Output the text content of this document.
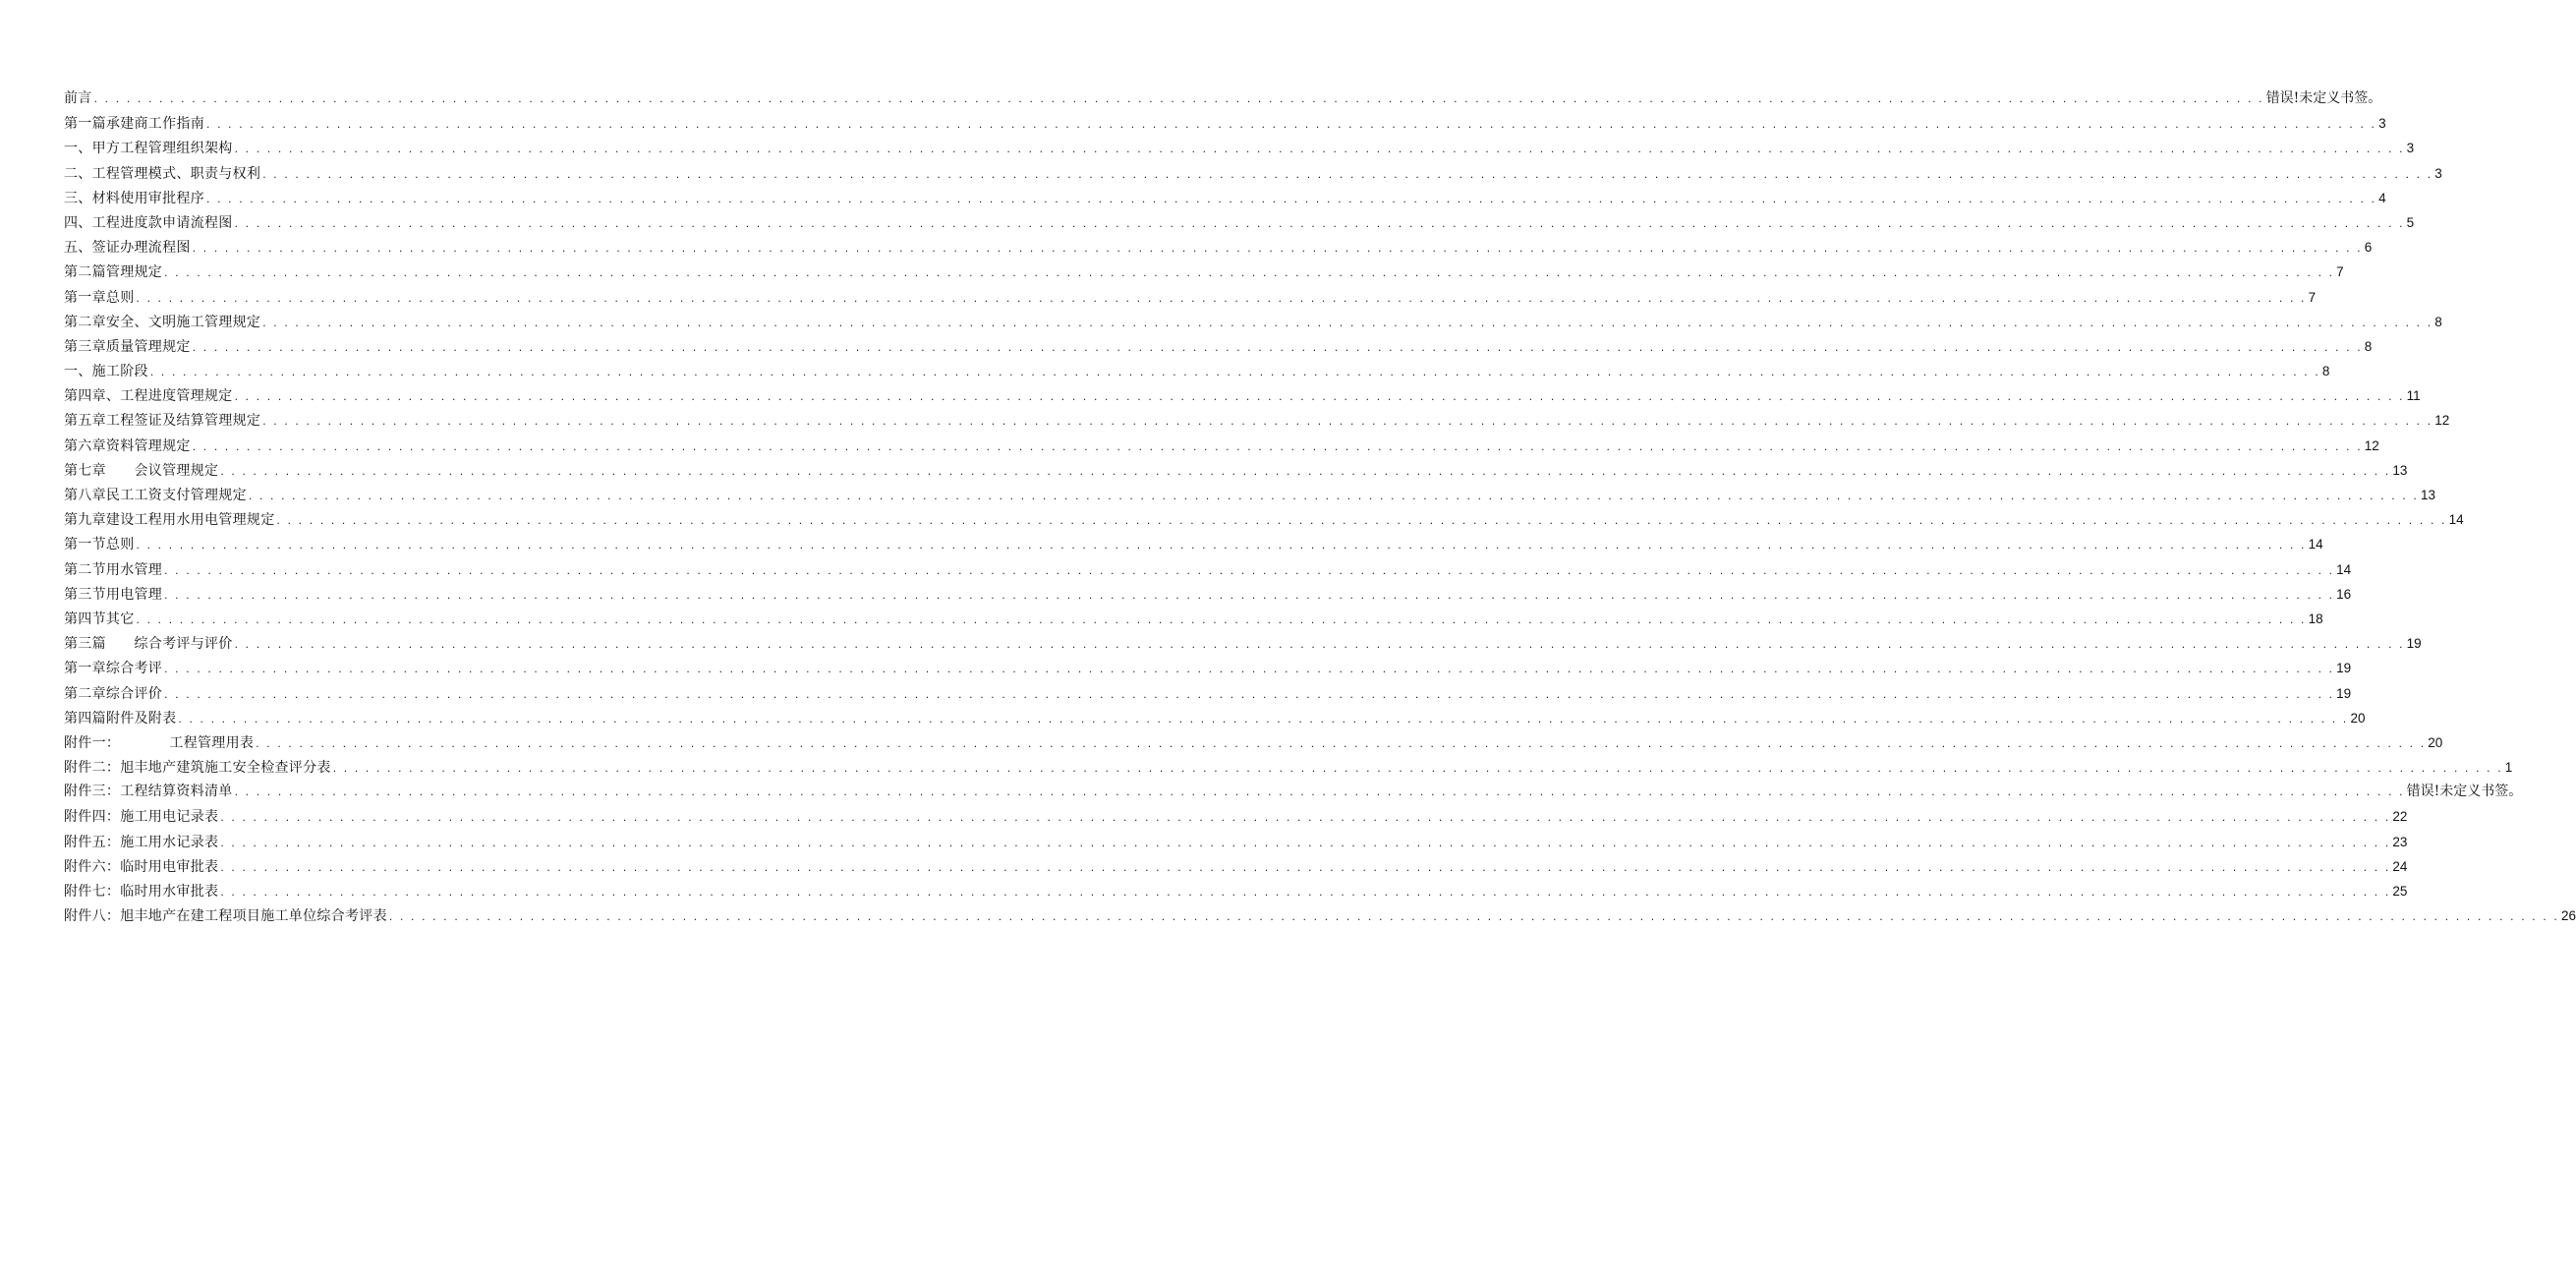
前言 . . . . . . . . . . . . . . . . . . . . . . . . . . . . . . . . . . . . . . . . . . . . . . . . . . . . . . . . . . . . . . . . . . . . . . . . . . . . . . . . . . . . . . . . . . . . . . . . . . . . . . . . . . . . . . . . . . . . . . . . . . . . . . . . . . . . . . . . . . . . . . . . . . . . . . . . . . . . . . . . . . . . . . . . . . . . . . . . . . . . . . . . . . . . . . . . . . . . . . . . 错误!未定义书签。
第一篇承建商工作指南 . . . . . . . . . . . . . . . . . . . . . . . . . . . . . . . . . . . . . . . . . . . . . . . . . . . . . . . . . . . . . . . . . . . . . . . . . . . . . . . . . . . . . . . . . . . . . . . . . . . . . . . . . . . . . . . . . . . . . . . . . . . . . . . . . . . . . . . . . . . . . . . . . . . . . . . . . . . . . . . . . . . . . . . . . . . . . . . . . . . . . . . . . . . . . . . . . . . . . . . . 3
一、甲方工程管理组织架构 . . . . . . . . . . . . . . . . . . . . . . . . . . . . . . . . . . . . . . . . . . . . . . . . . . . . . . . . . . . . . . . . . . . . . . . . . . . . . . . . . . . . . . . . . . . . . . . . . . . . . . . . . . . . . . . . . . . . . . . . . . . . . . . . . . . . . . . . . . . . . . . . . . . . . . . . . . . . . . . . . . . . . . . . . . . . . . . . . . . . . . . . . . . . . . . . . . . . . . . . 3
二、工程管理模式、职责与权利 . . . . . . . . . . . . . . . . . . . . . . . . . . . . . . . . . . . . . . . . . . . . . . . . . . . . . . . . . . . . . . . . . . . . . . . . . . . . . . . . . . . . . . . . . . . . . . . . . . . . . . . . . . . . . . . . . . . . . . . . . . . . . . . . . . . . . . . . . . . . . . . . . . . . . . . . . . . . . . . . . . . . . . . . . . . . . . . . . . . . . . . . . . . . . . . . . . . . . . . . 3
三、材料使用审批程序 . . . . . . . . . . . . . . . . . . . . . . . . . . . . . . . . . . . . . . . . . . . . . . . . . . . . . . . . . . . . . . . . . . . . . . . . . . . . . . . . . . . . . . . . . . . . . . . . . . . . . . . . . . . . . . . . . . . . . . . . . . . . . . . . . . . . . . . . . . . . . . . . . . . . . . . . . . . . . . . . . . . . . . . . . . . . . . . . . . . . . . . . . . . . . . . . . . . . . . . . 4
四、工程进度款申请流程图 . . . . . . . . . . . . . . . . . . . . . . . . . . . . . . . . . . . . . . . . . . . . . . . . . . . . . . . . . . . . . . . . . . . . . . . . . . . . . . . . . . . . . . . . . . . . . . . . . . . . . . . . . . . . . . . . . . . . . . . . . . . . . . . . . . . . . . . . . . . . . . . . . . . . . . . . . . . . . . . . . . . . . . . . . . . . . . . . . . . . . . . . . . . . . . . . . . . . . . . . 5
五、签证办理流程图 . . . . . . . . . . . . . . . . . . . . . . . . . . . . . . . . . . . . . . . . . . . . . . . . . . . . . . . . . . . . . . . . . . . . . . . . . . . . . . . . . . . . . . . . . . . . . . . . . . . . . . . . . . . . . . . . . . . . . . . . . . . . . . . . . . . . . . . . . . . . . . . . . . . . . . . . . . . . . . . . . . . . . . . . . . . . . . . . . . . . . . . . . . . . . . . . . . . . . . . . 6
第二篇管理规定 . . . . . . . . . . . . . . . . . . . . . . . . . . . . . . . . . . . . . . . . . . . . . . . . . . . . . . . . . . . . . . . . . . . . . . . . . . . . . . . . . . . . . . . . . . . . . . . . . . . . . . . . . . . . . . . . . . . . . . . . . . . . . . . . . . . . . . . . . . . . . . . . . . . . . . . . . . . . . . . . . . . . . . . . . . . . . . . . . . . . . . . . . . . . . . . . . . . . . . . . 7
第一章总则 . . . . . . . . . . . . . . . . . . . . . . . . . . . . . . . . . . . . . . . . . . . . . . . . . . . . . . . . . . . . . . . . . . . . . . . . . . . . . . . . . . . . . . . . . . . . . . . . . . . . . . . . . . . . . . . . . . . . . . . . . . . . . . . . . . . . . . . . . . . . . . . . . . . . . . . . . . . . . . . . . . . . . . . . . . . . . . . . . . . . . . . . . . . . . . . . . . . . . . . . 7
第二章安全、文明施工管理规定 . . . . . . . . . . . . . . . . . . . . . . . . . . . . . . . . . . . . . . . . . . . . . . . . . . . . . . . . . . . . . . . . . . . . . . . . . . . . . . . . . . . . . . . . . . . . . . . . . . . . . . . . . . . . . . . . . . . . . . . . . . . . . . . . . . . . . . . . . . . . . . . . . . . . . . . . . . . . . . . . . . . . . . . . . . . . . . . . . . . . . . . . . . . . . . . . . . . . . . . . 8
第三章质量管理规定 . . . . . . . . . . . . . . . . . . . . . . . . . . . . . . . . . . . . . . . . . . . . . . . . . . . . . . . . . . . . . . . . . . . . . . . . . . . . . . . . . . . . . . . . . . . . . . . . . . . . . . . . . . . . . . . . . . . . . . . . . . . . . . . . . . . . . . . . . . . . . . . . . . . . . . . . . . . . . . . . . . . . . . . . . . . . . . . . . . . . . . . . . . . . . . . . . . . . . . . . 8
一、施工阶段 . . . . . . . . . . . . . . . . . . . . . . . . . . . . . . . . . . . . . . . . . . . . . . . . . . . . . . . . . . . . . . . . . . . . . . . . . . . . . . . . . . . . . . . . . . . . . . . . . . . . . . . . . . . . . . . . . . . . . . . . . . . . . . . . . . . . . . . . . . . . . . . . . . . . . . . . . . . . . . . . . . . . . . . . . . . . . . . . . . . . . . . . . . . . . . . . . . . . . . . . 8
第四章、工程进度管理规定 . . . . . . . . . . . . . . . . . . . . . . . . . . . . . . . . . . . . . . . . . . . . . . . . . . . . . . . . . . . . . . . . . . . . . . . . . . . . . . . . . . . . . . . . . . . . . . . . . . . . . . . . . . . . . . . . . . . . . . . . . . . . . . . . . . . . . . . . . . . . . . . . . . . . . . . . . . . . . . . . . . . . . . . . . . . . . . . . . . . . . . . . . . . . . . . . . . . . . . . . 11
第五章工程签证及结算管理规定 . . . . . . . . . . . . . . . . . . . . . . . . . . . . . . . . . . . . . . . . . . . . . . . . . . . . . . . . . . . . . . . . . . . . . . . . . . . . . . . . . . . . . . . . . . . . . . . . . . . . . . . . . . . . . . . . . . . . . . . . . . . . . . . . . . . . . . . . . . . . . . . . . . . . . . . . . . . . . . . . . . . . . . . . . . . . . . . . . . . . . . . . . . . . . . . . . . . . . . . . 12
第六章资料管理规定 . . . . . . . . . . . . . . . . . . . . . . . . . . . . . . . . . . . . . . . . . . . . . . . . . . . . . . . . . . . . . . . . . . . . . . . . . . . . . . . . . . . . . . . . . . . . . . . . . . . . . . . . . . . . . . . . . . . . . . . . . . . . . . . . . . . . . . . . . . . . . . . . . . . . . . . . . . . . . . . . . . . . . . . . . . . . . . . . . . . . . . . . . . . . . . . . . . . . . . . . 12
第七章　　会议管理规定 . . . . . . . . . . . . . . . . . . . . . . . . . . . . . . . . . . . . . . . . . . . . . . . . . . . . . . . . . . . . . . . . . . . . . . . . . . . . . . . . . . . . . . . . . . . . . . . . . . . . . . . . . . . . . . . . . . . . . . . . . . . . . . . . . . . . . . . . . . . . . . . . . . . . . . . . . . . . . . . . . . . . . . . . . . . . . . . . . . . . . . . . . . . . . . . . . . . . . . . . 13
第八章民工工资支付管理规定 . . . . . . . . . . . . . . . . . . . . . . . . . . . . . . . . . . . . . . . . . . . . . . . . . . . . . . . . . . . . . . . . . . . . . . . . . . . . . . . . . . . . . . . . . . . . . . . . . . . . . . . . . . . . . . . . . . . . . . . . . . . . . . . . . . . . . . . . . . . . . . . . . . . . . . . . . . . . . . . . . . . . . . . . . . . . . . . . . . . . . . . . . . . . . . . . . . . . . . . . 13
第九章建设工程用水用电管理规定 . . . . . . . . . . . . . . . . . . . . . . . . . . . . . . . . . . . . . . . . . . . . . . . . . . . . . . . . . . . . . . . . . . . . . . . . . . . . . . . . . . . . . . . . . . . . . . . . . . . . . . . . . . . . . . . . . . . . . . . . . . . . . . . . . . . . . . . . . . . . . . . . . . . . . . . . . . . . . . . . . . . . . . . . . . . . . . . . . . . . . . . . . . . . . . . . . . . . . . . . 14
第一节总则 . . . . . . . . . . . . . . . . . . . . . . . . . . . . . . . . . . . . . . . . . . . . . . . . . . . . . . . . . . . . . . . . . . . . . . . . . . . . . . . . . . . . . . . . . . . . . . . . . . . . . . . . . . . . . . . . . . . . . . . . . . . . . . . . . . . . . . . . . . . . . . . . . . . . . . . . . . . . . . . . . . . . . . . . . . . . . . . . . . . . . . . . . . . . . . . . . . . . . . . . 14
第二节用水管理 . . . . . . . . . . . . . . . . . . . . . . . . . . . . . . . . . . . . . . . . . . . . . . . . . . . . . . . . . . . . . . . . . . . . . . . . . . . . . . . . . . . . . . . . . . . . . . . . . . . . . . . . . . . . . . . . . . . . . . . . . . . . . . . . . . . . . . . . . . . . . . . . . . . . . . . . . . . . . . . . . . . . . . . . . . . . . . . . . . . . . . . . . . . . . . . . . . . . . . . . 14
第三节用电管理 . . . . . . . . . . . . . . . . . . . . . . . . . . . . . . . . . . . . . . . . . . . . . . . . . . . . . . . . . . . . . . . . . . . . . . . . . . . . . . . . . . . . . . . . . . . . . . . . . . . . . . . . . . . . . . . . . . . . . . . . . . . . . . . . . . . . . . . . . . . . . . . . . . . . . . . . . . . . . . . . . . . . . . . . . . . . . . . . . . . . . . . . . . . . . . . . . . . . . . . . 16
第四节其它 . . . . . . . . . . . . . . . . . . . . . . . . . . . . . . . . . . . . . . . . . . . . . . . . . . . . . . . . . . . . . . . . . . . . . . . . . . . . . . . . . . . . . . . . . . . . . . . . . . . . . . . . . . . . . . . . . . . . . . . . . . . . . . . . . . . . . . . . . . . . . . . . . . . . . . . . . . . . . . . . . . . . . . . . . . . . . . . . . . . . . . . . . . . . . . . . . . . . . . . . 18
第三篇　　综合考评与评价 . . . . . . . . . . . . . . . . . . . . . . . . . . . . . . . . . . . . . . . . . . . . . . . . . . . . . . . . . . . . . . . . . . . . . . . . . . . . . . . . . . . . . . . . . . . . . . . . . . . . . . . . . . . . . . . . . . . . . . . . . . . . . . . . . . . . . . . . . . . . . . . . . . . . . . . . . . . . . . . . . . . . . . . . . . . . . . . . . . . . . . . . . . . . . . . . . . . . . . . . 19
第一章综合考评 . . . . . . . . . . . . . . . . . . . . . . . . . . . . . . . . . . . . . . . . . . . . . . . . . . . . . . . . . . . . . . . . . . . . . . . . . . . . . . . . . . . . . . . . . . . . . . . . . . . . . . . . . . . . . . . . . . . . . . . . . . . . . . . . . . . . . . . . . . . . . . . . . . . . . . . . . . . . . . . . . . . . . . . . . . . . . . . . . . . . . . . . . . . . . . . . . . . . . . . . 19
第二章综合评价 . . . . . . . . . . . . . . . . . . . . . . . . . . . . . . . . . . . . . . . . . . . . . . . . . . . . . . . . . . . . . . . . . . . . . . . . . . . . . . . . . . . . . . . . . . . . . . . . . . . . . . . . . . . . . . . . . . . . . . . . . . . . . . . . . . . . . . . . . . . . . . . . . . . . . . . . . . . . . . . . . . . . . . . . . . . . . . . . . . . . . . . . . . . . . . . . . . . . . . . . 19
第四篇附件及附表 . . . . . . . . . . . . . . . . . . . . . . . . . . . . . . . . . . . . . . . . . . . . . . . . . . . . . . . . . . . . . . . . . . . . . . . . . . . . . . . . . . . . . . . . . . . . . . . . . . . . . . . . . . . . . . . . . . . . . . . . . . . . . . . . . . . . . . . . . . . . . . . . . . . . . . . . . . . . . . . . . . . . . . . . . . . . . . . . . . . . . . . . . . . . . . . . . . . . . . . . 20
附件一：　　　　工程管理用表 . . . . . . . . . . . . . . . . . . . . . . . . . . . . . . . . . . . . . . . . . . . . . . . . . . . . . . . . . . . . . . . . . . . . . . . . . . . . . . . . . . . . . . . . . . . . . . . . . . . . . . . . . . . . . . . . . . . . . . . . . . . . . . . . . . . . . . . . . . . . . . . . . . . . . . . . . . . . . . . . . . . . . . . . . . . . . . . . . . . . . . . . . . . . . . . . . . . . . . . . 20
附件二：旭丰地产建筑施工安全检查评分表 . . . . . . . . . . . . . . . . . . . . . . . . . . . . . . . . . . . . . . . . . . . . . . . . . . . . . . . . . . . . . . . . . . . . . . . . . . . . . . . . . . . . . . . . . . . . . . . . . . . . . . . . . . . . . . . . . . . . . . . . . . . . . . . . . . . . . . . . . . . . . . . . . . . . . . . . . . . . . . . . . . . . . . . . . . . . . . . . . . . . . . . . . . . . . . . . . . . . . . . . 1
附件三：工程结算资料清单 . . . . . . . . . . . . . . . . . . . . . . . . . . . . . . . . . . . . . . . . . . . . . . . . . . . . . . . . . . . . . . . . . . . . . . . . . . . . . . . . . . . . . . . . . . . . . . . . . . . . . . . . . . . . . . . . . . . . . . . . . . . . . . . . . . . . . . . . . . . . . . . . . . . . . . . . . . . . . . . . . . . . . . . . . . . . . . . . . . . . . . . . . . . . . . . . . . . . . . . . 错误!未定义书签。
附件四：施工用电记录表 . . . . . . . . . . . . . . . . . . . . . . . . . . . . . . . . . . . . . . . . . . . . . . . . . . . . . . . . . . . . . . . . . . . . . . . . . . . . . . . . . . . . . . . . . . . . . . . . . . . . . . . . . . . . . . . . . . . . . . . . . . . . . . . . . . . . . . . . . . . . . . . . . . . . . . . . . . . . . . . . . . . . . . . . . . . . . . . . . . . . . . . . . . . . . . . . . . . . . . . . 22
附件五：施工用水记录表 . . . . . . . . . . . . . . . . . . . . . . . . . . . . . . . . . . . . . . . . . . . . . . . . . . . . . . . . . . . . . . . . . . . . . . . . . . . . . . . . . . . . . . . . . . . . . . . . . . . . . . . . . . . . . . . . . . . . . . . . . . . . . . . . . . . . . . . . . . . . . . . . . . . . . . . . . . . . . . . . . . . . . . . . . . . . . . . . . . . . . . . . . . . . . . . . . . . . . . . . 23
附件六：临时用电审批表 . . . . . . . . . . . . . . . . . . . . . . . . . . . . . . . . . . . . . . . . . . . . . . . . . . . . . . . . . . . . . . . . . . . . . . . . . . . . . . . . . . . . . . . . . . . . . . . . . . . . . . . . . . . . . . . . . . . . . . . . . . . . . . . . . . . . . . . . . . . . . . . . . . . . . . . . . . . . . . . . . . . . . . . . . . . . . . . . . . . . . . . . . . . . . . . . . . . . . . . . 24
附件七：临时用水审批表 . . . . . . . . . . . . . . . . . . . . . . . . . . . . . . . . . . . . . . . . . . . . . . . . . . . . . . . . . . . . . . . . . . . . . . . . . . . . . . . . . . . . . . . . . . . . . . . . . . . . . . . . . . . . . . . . . . . . . . . . . . . . . . . . . . . . . . . . . . . . . . . . . . . . . . . . . . . . . . . . . . . . . . . . . . . . . . . . . . . . . . . . . . . . . . . . . . . . . . . . 25
附件八：旭丰地产在建工程项目施工单位综合考评表 . . . . . . . . . . . . . . . . . . . . . . . . . . . . . . . . . . . . . . . . . . . . . . . . . . . . . . . . . . . . . . . . . . . . . . . . . . . . . . . . . . . . . . . . . . . . . . . . . . . . . . . . . . . . . . . . . . . . . . . . . . . . . . . . . . . . . . . . . . . . . . . . . . . . . . . . . . . . . . . . . . . . . . . . . . . . . . . . . . . . . . . . . . . . . . . . . . . . . . . . 26
